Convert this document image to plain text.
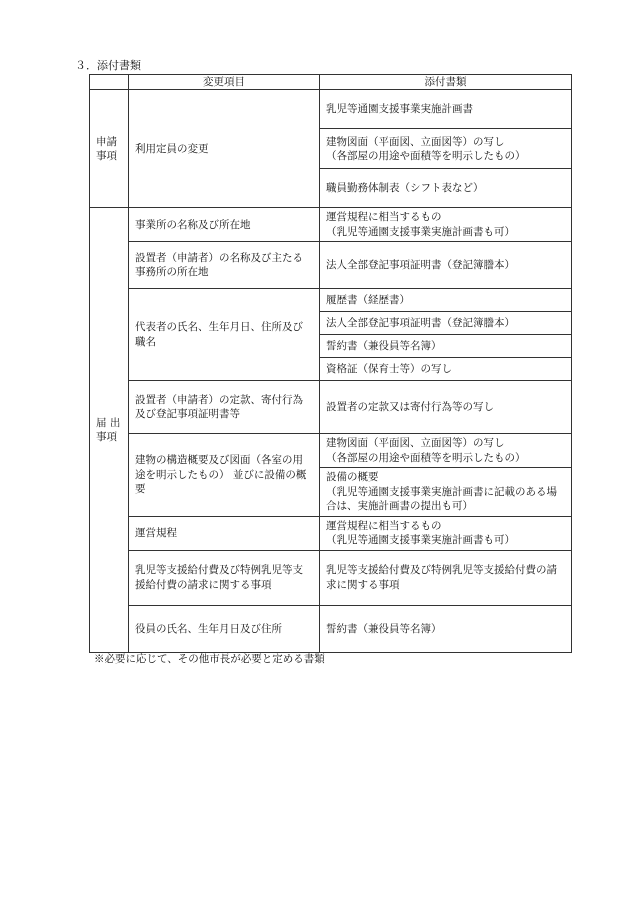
３．添付書類
	変更項目	添付書類

申請
事項	利用定員の変更	乳児等通園支援事業実施計画書

		建物図面（平面図、立面図等）の写し
（各部屋の用途や面積等を明示したもの）

		職員勤務体制表（シフト表など）

届 出
事項	事業所の名称及び所在地	運営規程に相当するもの
（乳児等通園支援事業実施計画書も可）

	設置者（申請者）の名称及び主たる事務所の所在地	法人全部登記事項証明書（登記簿謄本）

	代表者の氏名、生年月日、住所及び職名	履歴書（経歴書）

		法人全部登記事項証明書（登記簿謄本）

		誓約書（兼役員等名簿）

		資格証（保育士等）の写し

	設置者（申請者）の定款、寄付行為及び登記事項証明書等	設置者の定款又は寄付行為等の写し

	建物の構造概要及び図面（各室の用途を明示したもの） 並びに設備の概要	建物図面（平面図、立面図等）の写し
（各部屋の用途や面積等を明示したもの）

		設備の概要
（乳児等通園支援事業実施計画書に記載のある場合は、実施計画書の提出も可）

	運営規程	運営規程に相当するもの
（乳児等通園支援事業実施計画書も可）

	乳児等支援給付費及び特例乳児等支援給付費の請求に関する事項	乳児等支援給付費及び特例乳児等支援給付費の請求に関する事項

	役員の氏名、生年月日及び住所	誓約書（兼役員等名簿）
※必要に応じて、その他市長が必要と定める書類
